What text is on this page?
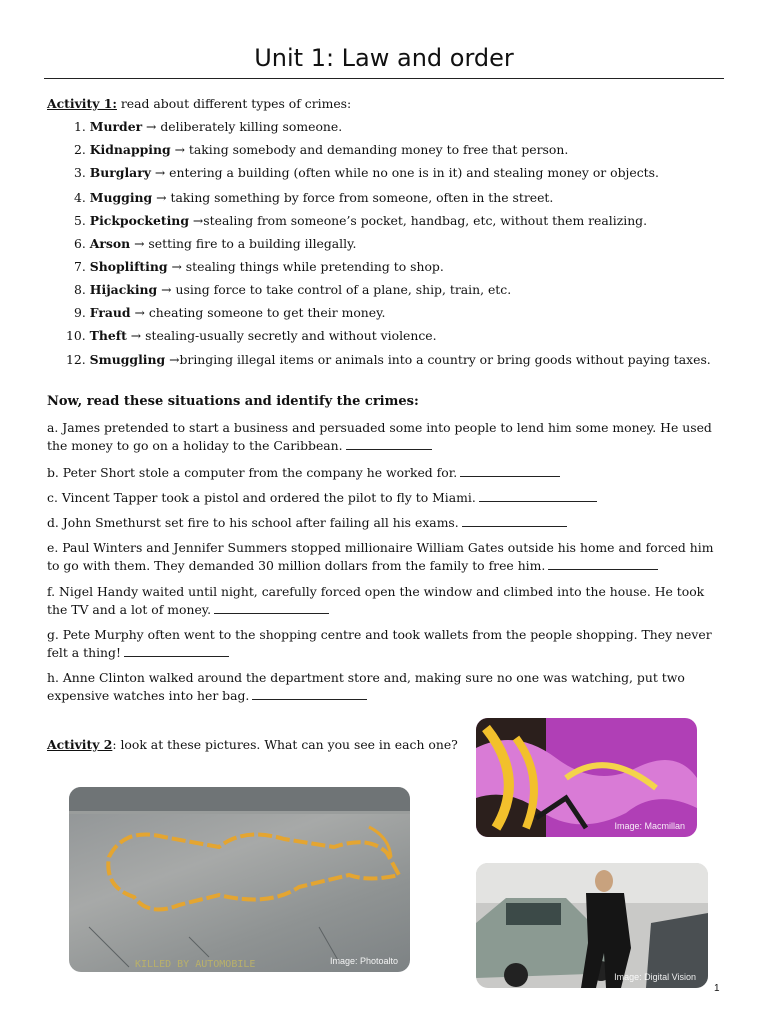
Unit 1: Law and order
Activity 1: read about different types of crimes:
1. Murder → deliberately killing someone.
2. Kidnapping → taking somebody and demanding money to free that person.
3. Burglary → entering a building (often while no one is in it) and stealing money or objects.
4. Mugging → taking something by force from someone, often in the street.
5. Pickpocketing →stealing from someone’s pocket, handbag, etc, without them realizing.
6. Arson → setting fire to a building illegally.
7. Shoplifting → stealing things while pretending to shop.
8. Hijacking → using force to take control of a plane, ship, train, etc.
9. Fraud → cheating someone to get their money.
10. Theft → stealing-usually secretly and without violence.
12. Smuggling →bringing illegal items or animals into a country or bring goods without paying taxes.
Now, read these situations and identify the crimes:
a. James pretended to start a business and persuaded some into people to lend him some money. He used the money to go on a holiday to the Caribbean.
b. Peter Short stole a computer from the company he worked for.
c. Vincent Tapper took a pistol and ordered the pilot to fly to Miami.
d. John Smethurst set fire to his school after failing all his exams.
e. Paul Winters and Jennifer Summers stopped millionaire William Gates outside his home and forced him to go with them. They demanded 30 million dollars from the family to free him.
f. Nigel Handy waited until night, carefully forced open the window and climbed into the house. He took the TV and a lot of money.
g. Pete Murphy often went to the shopping centre and took wallets from the people shopping. They never felt a thing!
h. Anne Clinton walked around the department store and, making sure no one was watching, put two expensive watches into her bag.
Activity 2: look at these pictures. What can you see in each one?
KILLED BY AUTOMOBILE	Image: Photoalto
Image: Macmillan
Image: Digital Vision
1
